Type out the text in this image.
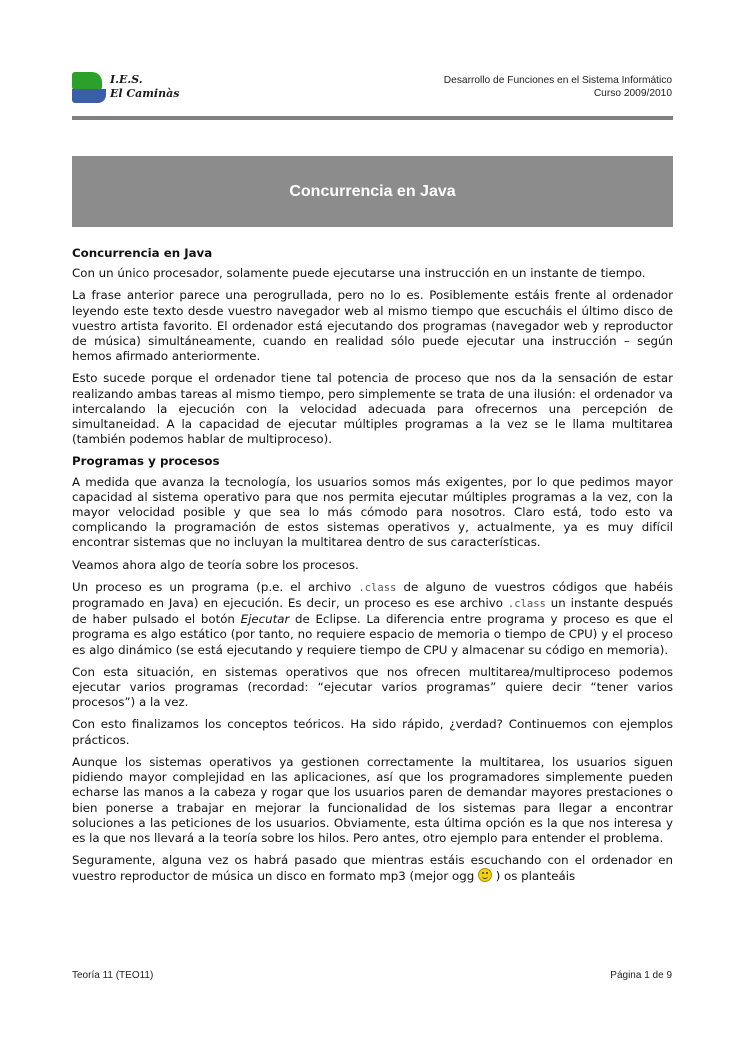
I.E.S.
El Caminàs
Desarrollo de Funciones en el Sistema Informático
Curso 2009/2010
Concurrencia en Java
Concurrencia en Java

Con un único procesador, solamente puede ejecutarse una instrucción en un instante de tiempo.

La frase anterior parece una perogrullada, pero no lo es. Posiblemente estáis frente al ordenador leyendo este texto desde vuestro navegador web al mismo tiempo que escucháis el último disco de vuestro artista favorito. El ordenador está ejecutando dos programas (navegador web y reproductor de música) simultáneamente, cuando en realidad sólo puede ejecutar una instrucción – según hemos afirmado anteriormente.

Esto sucede porque el ordenador tiene tal potencia de proceso que nos da la sensación de estar realizando ambas tareas al mismo tiempo, pero simplemente se trata de una ilusión: el ordenador va intercalando la ejecución con la velocidad adecuada para ofrecernos una percepción de simultaneidad. A la capacidad de ejecutar múltiples programas a la vez se le llama multitarea (también podemos hablar de multiproceso).

Programas y procesos

A medida que avanza la tecnología, los usuarios somos más exigentes, por lo que pedimos mayor capacidad al sistema operativo para que nos permita ejecutar múltiples programas a la vez, con la mayor velocidad posible y que sea lo más cómodo para nosotros. Claro está, todo esto va complicando la programación de estos sistemas operativos y, actualmente, ya es muy difícil encontrar sistemas que no incluyan la multitarea dentro de sus características.

Veamos ahora algo de teoría sobre los procesos.

Un proceso es un programa (p.e. el archivo .class de alguno de vuestros códigos que habéis programado en Java) en ejecución. Es decir, un proceso es ese archivo .class un instante después de haber pulsado el botón Ejecutar de Eclipse. La diferencia entre programa y proceso es que el programa es algo estático (por tanto, no requiere espacio de memoria o tiempo de CPU) y el proceso es algo dinámico (se está ejecutando y requiere tiempo de CPU y almacenar su código en memoria).

Con esta situación, en sistemas operativos que nos ofrecen multitarea/multiproceso podemos ejecutar varios programas (recordad: “ejecutar varios programas” quiere decir “tener varios procesos”) a la vez.

Con esto finalizamos los conceptos teóricos. Ha sido rápido, ¿verdad? Continuemos con ejemplos prácticos.

Aunque los sistemas operativos ya gestionen correctamente la multitarea, los usuarios siguen pidiendo mayor complejidad en las aplicaciones, así que los programadores simplemente pueden echarse las manos a la cabeza y rogar que los usuarios paren de demandar mayores prestaciones o bien ponerse a trabajar en mejorar la funcionalidad de los sistemas para llegar a encontrar soluciones a las peticiones de los usuarios. Obviamente, esta última opción es la que nos interesa y es la que nos llevará a la teoría sobre los hilos. Pero antes, otro ejemplo para entender el problema.

Seguramente, alguna vez os habrá pasado que mientras estáis escuchando con el ordenador en vuestro reproductor de música un disco en formato mp3 (mejor ogg  ) os planteáis

Teoría 11 (TEO11)	Página 1 de 9
